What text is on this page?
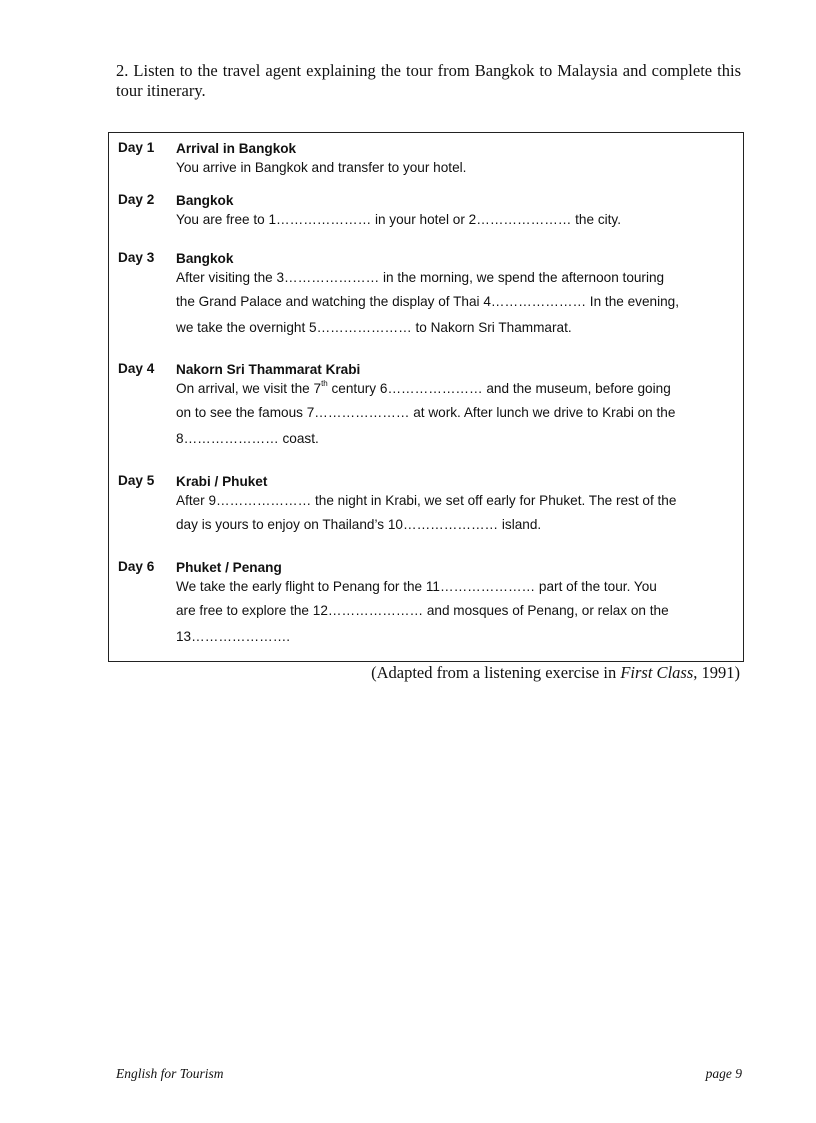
2. Listen to the travel agent explaining the tour from Bangkok to Malaysia and complete this tour itinerary.
Day 1 Arrival in Bangkok
You arrive in Bangkok and transfer to your hotel.
Day 2 Bangkok
You are free to 1………………… in your hotel or 2………………… the city.
Day 3 Bangkok
After visiting the 3………………… in the morning, we spend the afternoon touring
the Grand Palace and watching the display of Thai 4………………… In the evening,
we take the overnight 5………………… to Nakorn Sri Thammarat.
Day 4 Nakorn Sri Thammarat Krabi
On arrival, we visit the 7th century 6………………… and the museum, before going
on to see the famous 7………………… at work. After lunch we drive to Krabi on the
8………………… coast.
Day 5 Krabi / Phuket
After 9………………… the night in Krabi, we set off early for Phuket. The rest of the
day is yours to enjoy on Thailand’s 10………………… island.
Day 6 Phuket / Penang
We take the early flight to Penang for the 11………………… part of the tour. You
are free to explore the 12………………… and mosques of Penang, or relax on the
13………………….
(Adapted from a listening exercise in First Class, 1991)
English for Tourism	page 9
